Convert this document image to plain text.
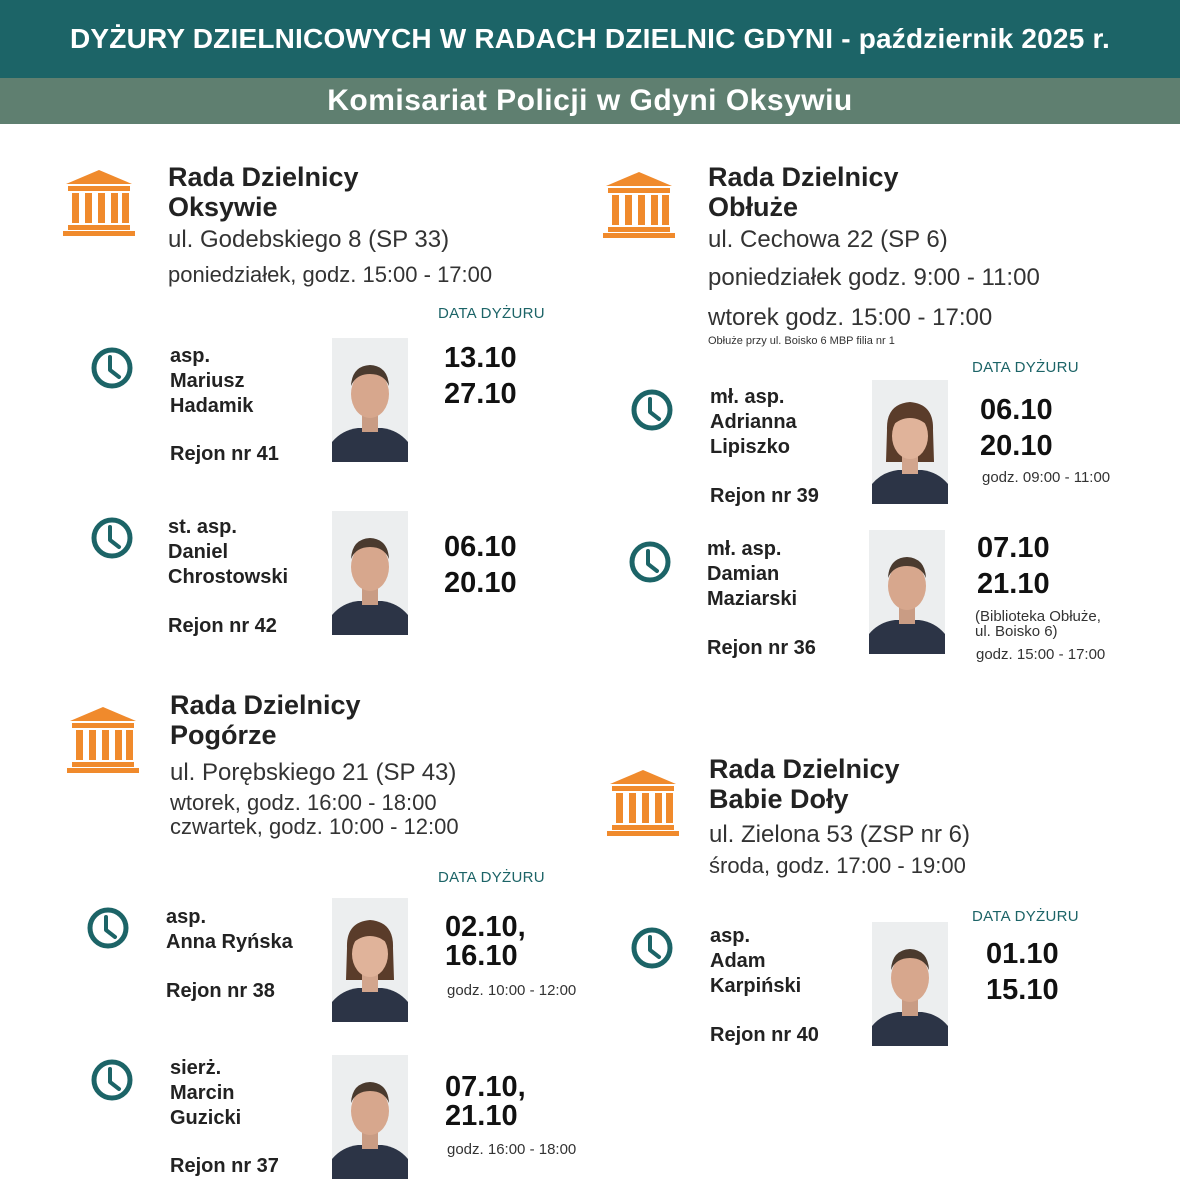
DYŻURY DZIELNICOWYCH W RADACH DZIELNIC GDYNI - październik 2025 r.
Komisariat Policji w Gdyni Oksywiu
Rada Dzielnicy
Oksywie
ul. Godebskiego 8 (SP 33)
poniedziałek, godz. 15:00 - 17:00
DATA DYŻURU
asp.
Mariusz
Hadamik
Rejon nr 41
13.10
27.10
st. asp.
Daniel
Chrostowski
Rejon nr 42
06.10
20.10
Rada Dzielnicy
Obłuże
ul. Cechowa 22 (SP 6)
poniedziałek godz. 9:00 - 11:00
wtorek godz. 15:00 - 17:00
Obłuże przy ul. Boisko 6 MBP filia nr 1
DATA DYŻURU
mł. asp.
Adrianna
Lipiszko
Rejon nr 39
06.10
20.10
godz. 09:00 - 11:00
mł. asp.
Damian
Maziarski
Rejon nr 36
07.10
21.10
(Biblioteka Obłuże,
ul. Boisko 6)
godz. 15:00 - 17:00
Rada Dzielnicy
Pogórze
ul. Porębskiego 21 (SP 43)
wtorek, godz. 16:00 - 18:00
czwartek, godz. 10:00 - 12:00
DATA DYŻURU
asp.
Anna Ryńska
Rejon nr 38
02.10,
16.10
godz. 10:00 - 12:00
sierż.
Marcin
Guzicki
Rejon nr 37
07.10,
21.10
godz. 16:00 - 18:00
Rada Dzielnicy
Babie Doły
ul. Zielona 53 (ZSP nr 6)
środa, godz. 17:00 - 19:00
DATA DYŻURU
asp.
Adam
Karpiński
Rejon nr 40
01.10
15.10
